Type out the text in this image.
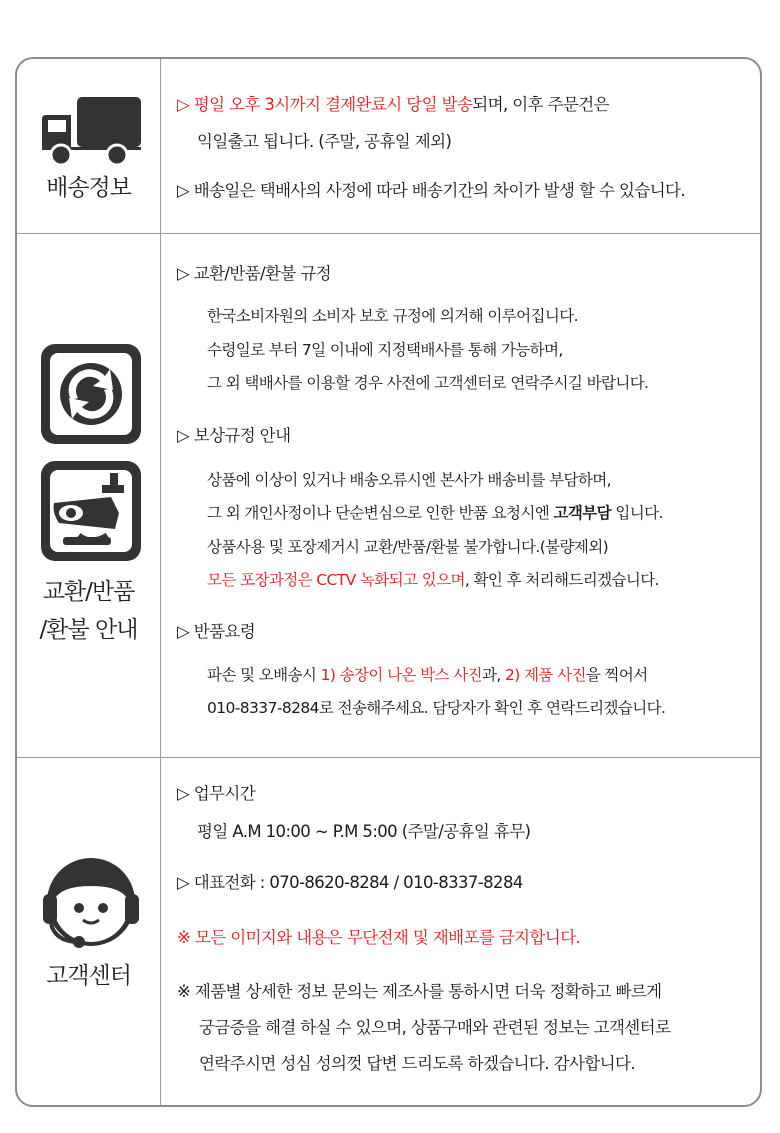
배송정보
▷ 평일 오후 3시까지 결제완료시 당일 발송되며, 이후 주문건은
익일출고 됩니다. (주말, 공휴일 제외)
▷ 배송일은 택배사의 사정에 따라 배송기간의 차이가 발생 할 수 있습니다.
교환/반품
/환불 안내
▷ 교환/반품/환불 규정
한국소비자원의 소비자 보호 규정에 의거해 이루어집니다.
수령일로 부터 7일 이내에 지정택배사를 통해 가능하며,
그 외 택배사를 이용할 경우 사전에 고객센터로 연락주시길 바랍니다.
▷ 보상규정 안내
상품에 이상이 있거나 배송오류시엔 본사가 배송비를 부담하며,
그 외 개인사정이나 단순변심으로 인한 반품 요청시엔 고객부담 입니다.
상품사용 및 포장제거시 교환/반품/환불 불가합니다.(불량제외)
모든 포장과정은 CCTV 녹화되고 있으며, 확인 후 처리해드리겠습니다.
▷ 반품요령
파손 및 오배송시 1) 송장이 나온 박스 사진과, 2) 제품 사진을 찍어서
010-8337-8284로 전송해주세요. 담당자가 확인 후 연락드리겠습니다.
고객센터
▷ 업무시간
평일 A.M 10:00 ~ P.M 5:00 (주말/공휴일 휴무)
▷ 대표전화 : 070-8620-8284 / 010-8337-8284
※ 모든 이미지와 내용은 무단전재 및 재배포를 금지합니다.
※ 제품별 상세한 정보 문의는 제조사를 통하시면 더욱 정확하고 빠르게
궁금증을 해결 하실 수 있으며, 상품구매와 관련된 정보는 고객센터로
연락주시면 성심 성의껏 답변 드리도록 하겠습니다. 감사합니다.
